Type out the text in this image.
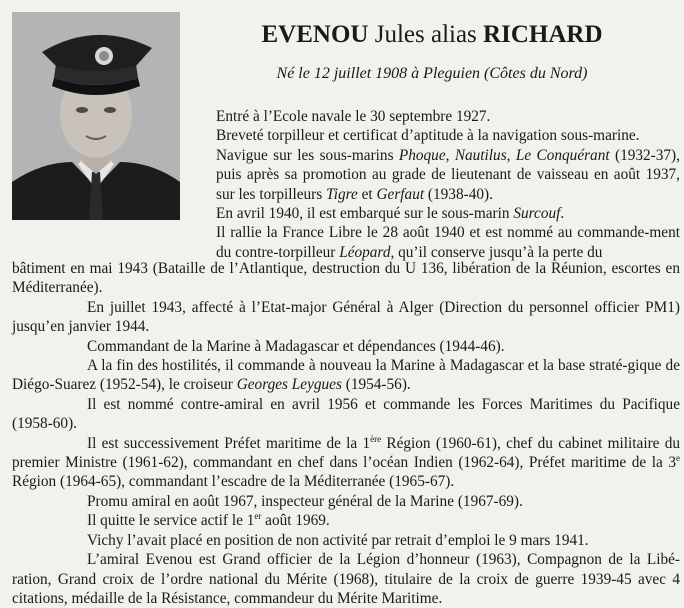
EVENOU Jules alias RICHARD
Né le 12 juillet 1908 à Pleguien (Côtes du Nord)

Entré à l’Ecole navale le 30 septembre 1927.

Breveté torpilleur et certificat d’aptitude à la navigation sous-marine.

Navigue sur les sous-marins Phoque, Nautilus, Le Conquérant (1932-37), puis après sa promotion au grade de lieutenant de vaisseau en août 1937, sur les torpilleurs Tigre et Gerfaut (1938-40).

En avril 1940, il est embarqué sur le sous-marin Surcouf.

Il rallie la France Libre le 28 août 1940 et est nommé au commande-ment du contre-torpilleur Léopard, qu’il conserve jusqu’à la perte du

bâtiment en mai 1943 (Bataille de l’Atlantique, destruction du U 136, libération de la Réunion, escortes en Méditerranée).

En juillet 1943, affecté à l’Etat-major Général à Alger (Direction du personnel officier PM1) jusqu’en janvier 1944.

Commandant de la Marine à Madagascar et dépendances (1944-46).

A la fin des hostilités, il commande à nouveau la Marine à Madagascar et la base straté-gique de Diégo-Suarez (1952-54), le croiseur Georges Leygues (1954-56).

Il est nommé contre-amiral en avril 1956 et commande les Forces Maritimes du Pacifique (1958-60).

Il est successivement Préfet maritime de la 1ère Région (1960-61), chef du cabinet militaire du premier Ministre (1961-62), commandant en chef dans l’océan Indien (1962-64), Préfet maritime de la 3e Région (1964-65), commandant l’escadre de la Méditerranée (1965-67).

Promu amiral en août 1967, inspecteur général de la Marine (1967-69).

Il quitte le service actif le 1er août 1969.

Vichy l’avait placé en position de non activité par retrait d’emploi le 9 mars 1941.

L’amiral Evenou est Grand officier de la Légion d’honneur (1963), Compagnon de la Libé-ration, Grand croix de l’ordre national du Mérite (1968), titulaire de la croix de guerre 1939-45 avec 4 citations, médaille de la Résistance, commandeur du Mérite Maritime.
